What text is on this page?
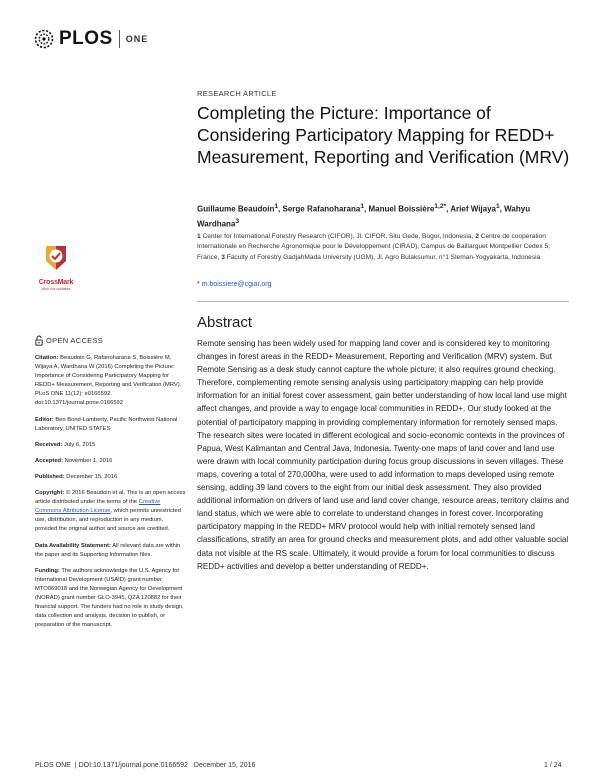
PLOS ONE
RESEARCH ARTICLE
Completing the Picture: Importance of Considering Participatory Mapping for REDD+ Measurement, Reporting and Verification (MRV)
Guillaume Beaudoin$^1$, Serge Rafanoharana$^1$, Manuel Boissière$^{1,2*}$, Arief Wijaya$^1$, Wahyu Wardhana$^3$
1 Center for International Forestry Research (CIFOR), Jl. CIFOR, Situ Gede, Bogor, Indonesia, 2 Centre de coopération Internationale en Recherche Agronomique pour le Développement (CIRAD), Campus de Baillarguet Montpellier Cedex 5, France, 3 Faculty of Forestry GadjahMada University (UGM), Jl. Agro Bulaksumur, n°1 Sleman-Yogyakarta, Indonesia
* m.boissiere@cgiar.org
Abstract

Remote sensing has been widely used for mapping land cover and is considered key to monitoring changes in forest areas in the REDD+ Measurement, Reporting and Verification (MRV) system. But Remote Sensing as a desk study cannot capture the whole picture; it also requires ground checking. Therefore, complementing remote sensing analysis using participatory mapping can help provide information for an initial forest cover assessment, gain better understanding of how local land use might affect changes, and provide a way to engage local communities in REDD+. Our study looked at the potential of participatory mapping in providing complementary information for remotely sensed maps. The research sites were located in different ecological and socio-economic contexts in the provinces of Papua, West Kalimantan and Central Java, Indonesia. Twenty-one maps of land cover and land use were drawn with local community participation during focus group discussions in seven villages. These maps, covering a total of 270,000ha, were used to add information to maps developed using remote sensing, adding 39 land covers to the eight from our initial desk assessment. They also provided additional information on drivers of land use and land cover change, resource areas, territory claims and land status, which we were able to correlate to understand changes in forest cover. Incorporating participatory mapping in the REDD+ MRV protocol would help with initial remotely sensed land classifications, stratify an area for ground checks and measurement plots, and add other valuable social data not visible at the RS scale. Ultimately, it would provide a forum for local communities to discuss REDD+ activities and develop a better understanding of REDD+.

CrossMark
click for updates
OPEN ACCESS

Citation: Beaudoin G, Rafanoharana S, Boissière M, Wijaya A, Wardhana W (2016) Completing the Picture: Importance of Considering Participatory Mapping for REDD+ Measurement, Reporting and Verification (MRV). PLoS ONE 11(12): e0166592. doi:10.1371/journal.pone.0166592

Editor: Ben Bond-Lamberty, Pacific Northwest National Laboratory, UNITED STATES

Received: July 6, 2015

Accepted: November 1, 2016

Published: December 15, 2016

Copyright: © 2016 Beaudoin et al. This is an open access article distributed under the terms of the Creative Commons Attribution License, which permits unrestricted use, distribution, and reproduction in any medium, provided the original author and source are credited.

Data Availability Statement: All relevant data are within the paper and its Supporting Information files.

Funding: The authors acknowledge the U.S. Agency for International Development (USAID) grant number MTO069018 and the Norwegian Agency for Development (NORAD) grant number GLO-3945, QZA 120882 for their financial support. The funders had no role in study design, data collection and analysis, decision to publish, or preparation of the manuscript.

PLOS ONE | DOI:10.1371/journal.pone.0166592 December 15, 2016	1 / 24
